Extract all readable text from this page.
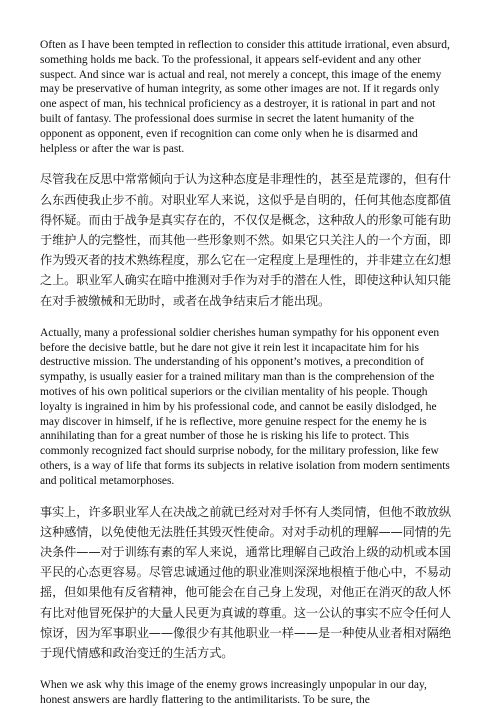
Often as I have been tempted in reflection to consider this attitude irrational, even absurd, something holds me back. To the professional, it appears self-evident and any other suspect. And since war is actual and real, not merely a concept, this image of the enemy may be preservative of human integrity, as some other images are not. If it regards only one aspect of man, his technical proficiency as a destroyer, it is rational in part and not built of fantasy. The professional does surmise in secret the latent humanity of the opponent as opponent, even if recognition can come only when he is disarmed and helpless or after the war is past.

尽管我在反思中常常倾向于认为这种态度是非理性的，甚至是荒谬的，但有什么东西使我止步不前。对职业军人来说，这似乎是自明的，任何其他态度都值得怀疑。而由于战争是真实存在的，不仅仅是概念，这种敌人的形象可能有助于维护人的完整性，而其他一些形象则不然。如果它只关注人的一个方面，即作为毁灭者的技术熟练程度，那么它在一定程度上是理性的，并非建立在幻想之上。职业军人确实在暗中推测对手作为对手的潜在人性，即使这种认知只能在对手被缴械和无助时，或者在战争结束后才能出现。

Actually, many a professional soldier cherishes human sympathy for his opponent even before the decisive battle, but he dare not give it rein lest it incapacitate him for his destructive mission. The understanding of his opponent’s motives, a precondition of sympathy, is usually easier for a trained military man than is the comprehension of the motives of his own political superiors or the civilian mentality of his people. Though loyalty is ingrained in him by his professional code, and cannot be easily dislodged, he may discover in himself, if he is reflective, more genuine respect for the enemy he is annihilating than for a great number of those he is risking his life to protect. This commonly recognized fact should surprise nobody, for the military profession, like few others, is a way of life that forms its subjects in relative isolation from modern sentiments and political metamorphoses.

事实上，许多职业军人在决战之前就已经对对手怀有人类同情，但他不敢放纵这种感情，以免使他无法胜任其毁灭性使命。对对手动机的理解——同情的先决条件——对于训练有素的军人来说，通常比理解自己政治上级的动机或本国平民的心态更容易。尽管忠诚通过他的职业准则深深地根植于他心中，不易动摇，但如果他有反省精神，他可能会在自己身上发现，对他正在消灭的敌人怀有比对他冒死保护的大量人民更为真诚的尊重。这一公认的事实不应令任何人惊讶，因为军事职业——像很少有其他职业一样——是一种使从业者相对隔绝于现代情感和政治变迁的生活方式。

When we ask why this image of the enemy grows increasingly unpopular in our day, honest answers are hardly flattering to the antimilitarists. To be sure, the
